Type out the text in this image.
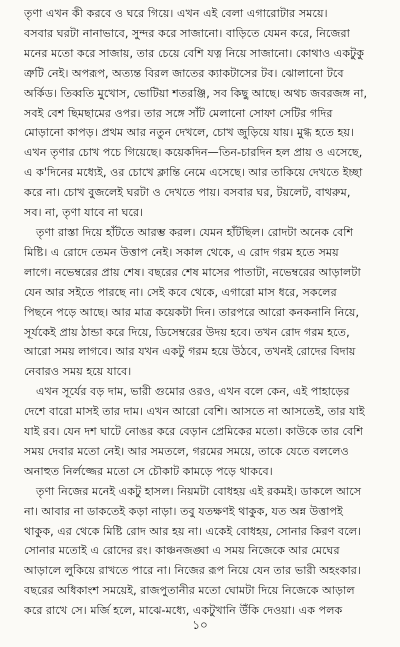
তৃণা এখন কী করবে ও ঘরে গিয়ে। এখন এই বেলা এগারোটার সময়ে।
বসবার ঘরটা নানাভাবে, সুন্দর করে সাজানো। বাড়িতে যেমন করে, নিজেরা
মনের মতো করে সাজায়, তার চেয়ে বেশি যত্ন নিয়ে সাজানো। কোথাও একটুকু
ত্রুটি নেই। অপরূপ, অত্যন্ত বিরল জাতের ক্যাকটাসের টব। ঝোলানো টবে
অর্কিড। তিব্বতি মুখোস, ভোটিয়া শতরঞ্জি, সব কিছু আছে। অথচ জবরজঙ্গ না,
সবই বেশ ছিমছামের ওপর। তার সঙ্গে সাঁট মেলানো সোফা সেটির গদির
মোড়ানো কাপড়। প্রথম আর নতুন দেখলে, চোখ জুড়িয়ে যায়। মুগ্ধ হতে হয়।
এখন তৃণার চোখ পচে গিয়েছে। কয়েকদিন—তিন-চারদিন হল প্রায় ও এসেছে,
এ ক'দিনের মধ্যেই, ওর চোখে ক্লান্তি নেমে এসেছে। আর তাকিয়ে দেখতে ইচ্ছা
করে না। চোখ বুজলেই ঘরটা ও দেখতে পায়। বসবার ঘর, টয়লেট, বাথরুম,
সব। না, তৃণা যাবে না ঘরে।

তৃণা রাস্তা দিয়ে হাঁটতে আরম্ভ করল। যেমন হাঁটছিল। রোদটা অনেক বেশি
মিষ্টি। এ রোদে তেমন উত্তাপ নেই। সকাল থেকে, এ রোদ গরম হতে সময়
লাগে। নভেম্বরের প্রায় শেষ। বছরের শেষ মাসের পাতাটা, নভেম্বরের আড়ালটা
যেন আর সইতে পারছে না। সেই কবে থেকে, এগারো মাস ধরে, সকলের
পিছনে পড়ে আছে। আর মাত্র কয়েকটা দিন। তারপরে আরো কনকনানি নিয়ে,
সূর্যকেই প্রায় ঠান্ডা করে দিয়ে, ডিসেম্বরের উদয় হবে। তখন রোদ গরম হতে,
আরো সময় লাগবে। আর যখন একটু গরম হয়ে উঠবে, তখনই রোদের বিদায়
নেবারও সময় হয়ে যাবে।

এখন সূর্যের বড় দাম, ভারী গুমোর ওরও, এখন বলে কেন, এই পাহাড়ের
দেশে বারো মাসই তার দাম। এখন আরো বেশি। আসতে না আসতেই, তার যাই
যাই রব। যেন দশ ঘাটে নোঙর করে বেড়ান প্রেমিকের মতো। কাউকে তার বেশি
সময় দেবার মতো নেই। আর সমতলে, গরমের সময়ে, তাকে যেতে বললেও
অনাহুত নির্লজ্জের মতো সে চৌকাট কামড়ে পড়ে থাকবে।

তৃণা নিজের মনেই একটু হাসল। নিয়মটা বোধহয় এই রকমই। ডাকলে আসে
না। আবার না ডাকতেই কড়া নাড়া। তবু যতক্ষণই থাকুক, যত অন্ন উত্তাপই
থাকুক, এর থেকে মিষ্টি রোদ আর হয় না। একেই বোধহয়, সোনার কিরণ বলে।
সোনার মতোই এ রোদের রং। কাঞ্চনজঙ্ঘা এ সময় নিজেকে আর মেঘের
আড়ালে লুকিয়ে রাখতে পারে না। নিজের রূপ নিয়ে যেন তার ভারী অহংকার।
বছরের অধিকাংশ সময়েই, রাজপুতানীর মতো ঘোমটা দিয়ে নিজেকে আড়াল
করে রাখে সে। মর্জি হলে, মাঝে-মধ্যে, একটুখানি উঁকি দেওয়া। এক পলক

১০
